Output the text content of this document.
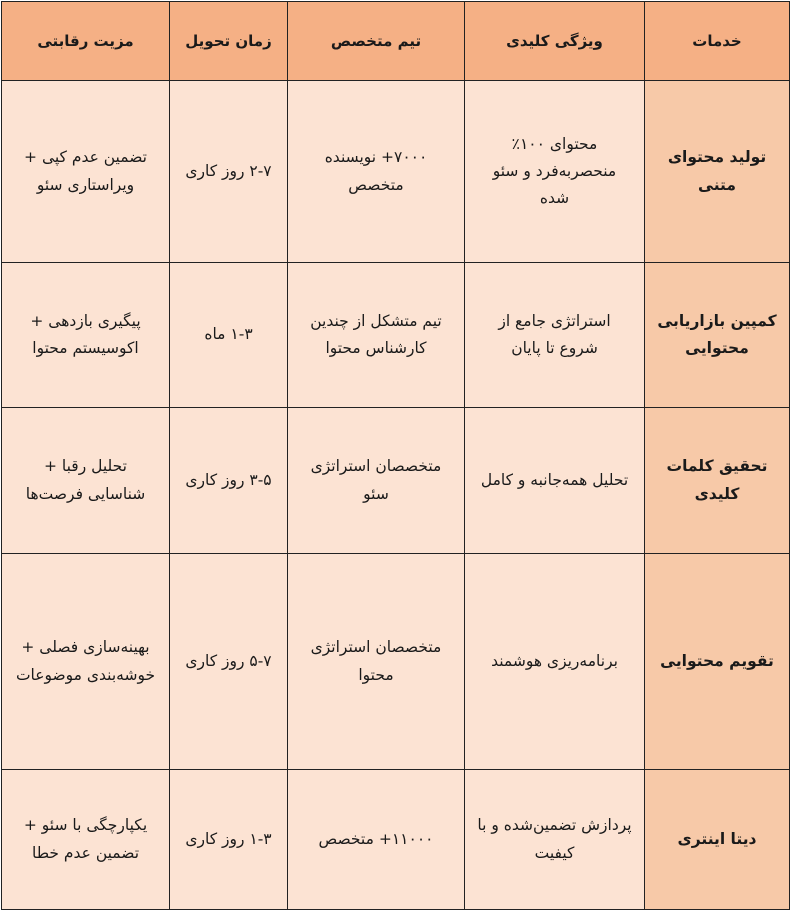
خدمات	ویژگی کلیدی	تیم متخصص	زمان تحویل	مزیت رقابتی
تولید محتوای متنی	محتوای ۱۰۰٪ منحصربه‌فرد و سئو شده	۷۰۰۰+ نویسنده متخصص	۲-۷ روز کاری	تضمین عدم کپی + ویراستاری سئو
کمپین بازاریابی محتوایی	استراتژی جامع از شروع تا پایان	تیم متشکل از چندین کارشناس محتوا	۱-۳ ماه	پیگیری بازدهی + اکوسیستم محتوا
تحقیق کلمات کلیدی	تحلیل همه‌جانبه و کامل	متخصصان استراتژی سئو	۳-۵ روز کاری	تحلیل رقبا + شناسایی فرصت‌ها
تقویم محتوایی	برنامه‌ریزی هوشمند	متخصصان استراتژی محتوا	۵-۷ روز کاری	بهینه‌سازی فصلی + خوشه‌بندی موضوعات
دیتا اینتری	پردازش تضمین‌شده و با کیفیت	۱۱۰۰۰+ متخصص	۱-۳ روز کاری	یکپارچگی با سئو + تضمین عدم خطا
